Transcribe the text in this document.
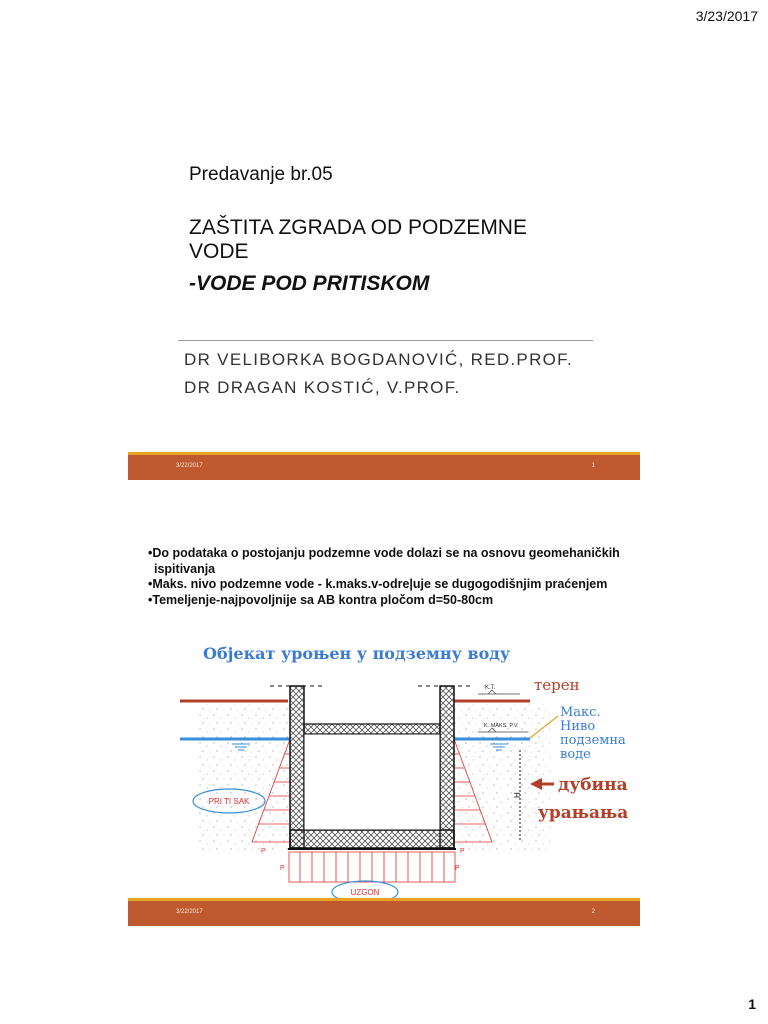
3/23/2017
Predavanje br.05
ZAŠTITA ZGRADA OD PODZEMNE
VODE
-VODE POD PRITISKOM
DR VELIBORKA BOGDANOVIĆ, RED.PROF.
DR DRAGAN KOSTIĆ, V.PROF.
3/22/2017	1
•Do podataka o postojanju podzemne vode dolazi se na osnovu geomehaničkih ispitivanja
•Maks. nivo podzemne vode - k.maks.v-odre|uje se dugogodišnjim praćenjem
•Temeljenje-najpovoljnije sa AB kontra pločom d=50-80cm
Објекат урoњен у подземну воду
K.T.
K. MAKS. P.V.
H
P
P
P
P
PRI TI SAK
UZGON
терен
Макс.
Ниво
подземна
воде
дубина
урањања
3/22/2017	2
1
